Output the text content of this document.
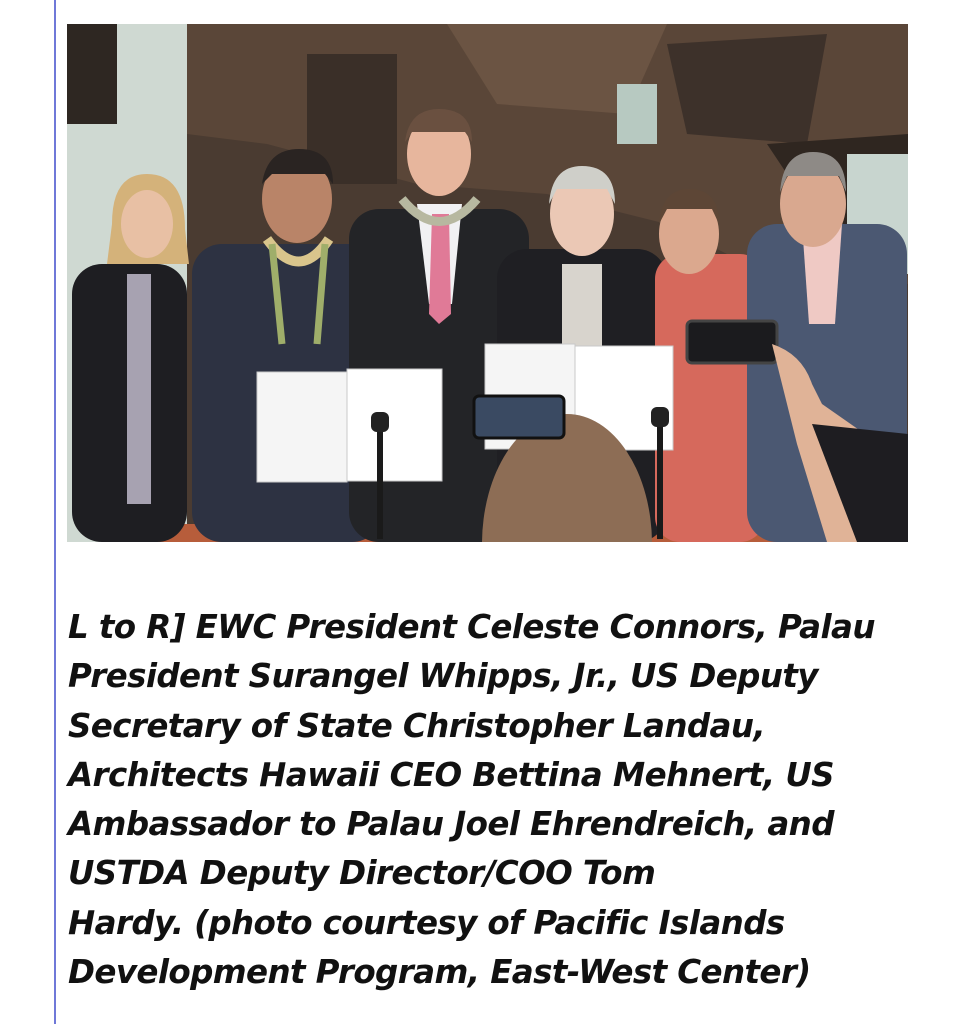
L to R] EWC President Celeste Connors, Palau
President Surangel Whipps, Jr., US Deputy
Secretary of State Christopher Landau,
Architects Hawaii CEO Bettina Mehnert, US
Ambassador to Palau Joel Ehrendreich, and
USTDA Deputy Director/COO Tom
Hardy. (photo courtesy of Pacific Islands
Development Program, East-West Center)
